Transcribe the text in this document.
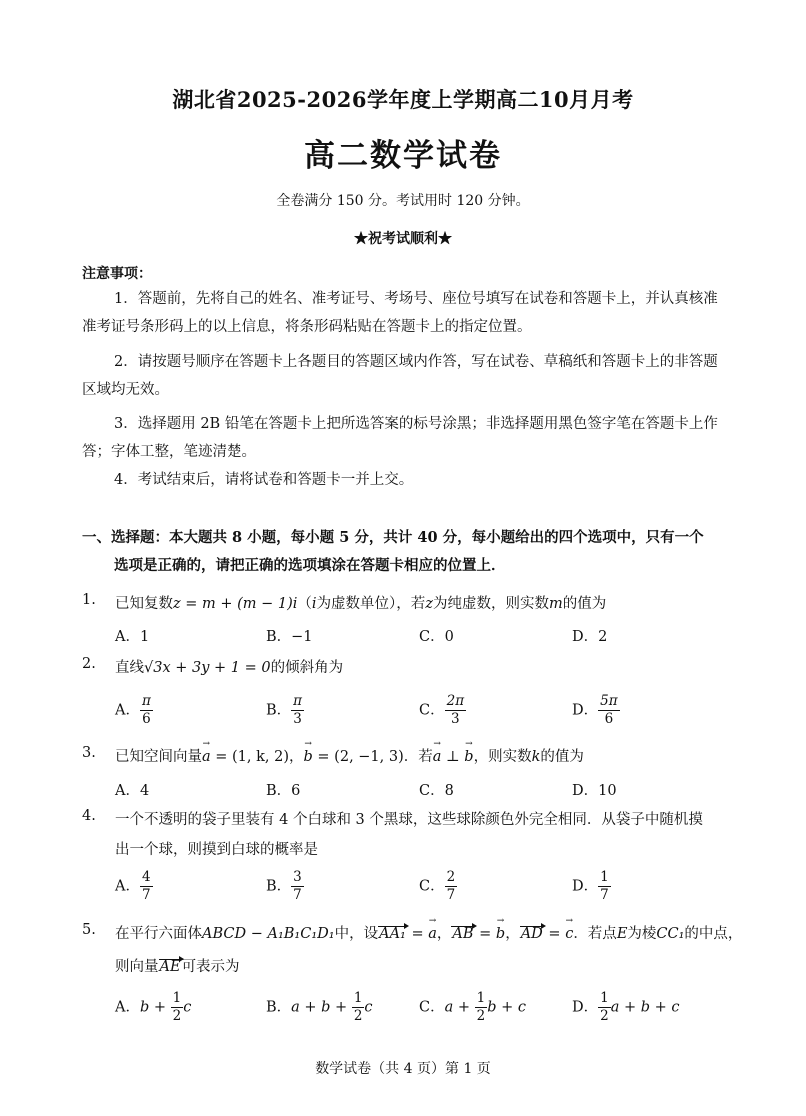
湖北省2025-2026学年度上学期高二10月月考
高二数学试卷
全卷满分 150 分。考试用时 120 分钟。
★祝考试顺利★
注意事项：
1．答题前，先将自己的姓名、准考证号、考场号、座位号填写在试卷和答题卡上，并认真核准准考证号条形码上的以上信息，将条形码粘贴在答题卡上的指定位置。
2．请按题号顺序在答题卡上各题目的答题区域内作答，写在试卷、草稿纸和答题卡上的非答题区域均无效。
3．选择题用 2B 铅笔在答题卡上把所选答案的标号涂黑；非选择题用黑色签字笔在答题卡上作答；字体工整，笔迹清楚。
4．考试结束后，请将试卷和答题卡一并上交。
一、选择题：本大题共 8 小题，每小题 5 分，共计 40 分，每小题给出的四个选项中，只有一个
选项是正确的，请把正确的选项填涂在答题卡相应的位置上．
1. 已知复数z = m + (m − 1)i（i为虚数单位），若z为纯虚数，则实数m的值为
A．1	B．−1	C．0	D．2
2. 直线√3x + 3y + 1 = 0的倾斜角为
A． $\frac{\pi}{6}$	B． $\frac{\pi}{3}$	C． $\frac{2\pi}{3}$	D． $\frac{5\pi}{6}$
3. 已知空间向量→ a = (1, k, 2)，→ b = (2, −1, 3)．若→ a ⊥ → b，则实数k的值为
A．4	B．6	C．8	D．10
4. 一个不透明的袋子里装有 4 个白球和 3 个黑球，这些球除颜色外完全相同．从袋子中随机摸
出一个球，则摸到白球的概率是
A． $\frac{4}{7}$	B． $\frac{3}{7}$	C． $\frac{2}{7}$	D． $\frac{1}{7}$
5. 在平行六面体ABCD − A₁B₁C₁D₁中，设AA₁ = → a，AB = → b，AD = → c．若点E为棱CC₁的中点，
则向量AE可表示为
A．$b + \frac{1}{2}$ c	B．$a + b + \frac{1}{2}$ c	C．$a + \frac{1}{2}$ b + c	D． $\frac{1}{2}$ a + b + c
数学试卷（共 4 页）第 1 页
